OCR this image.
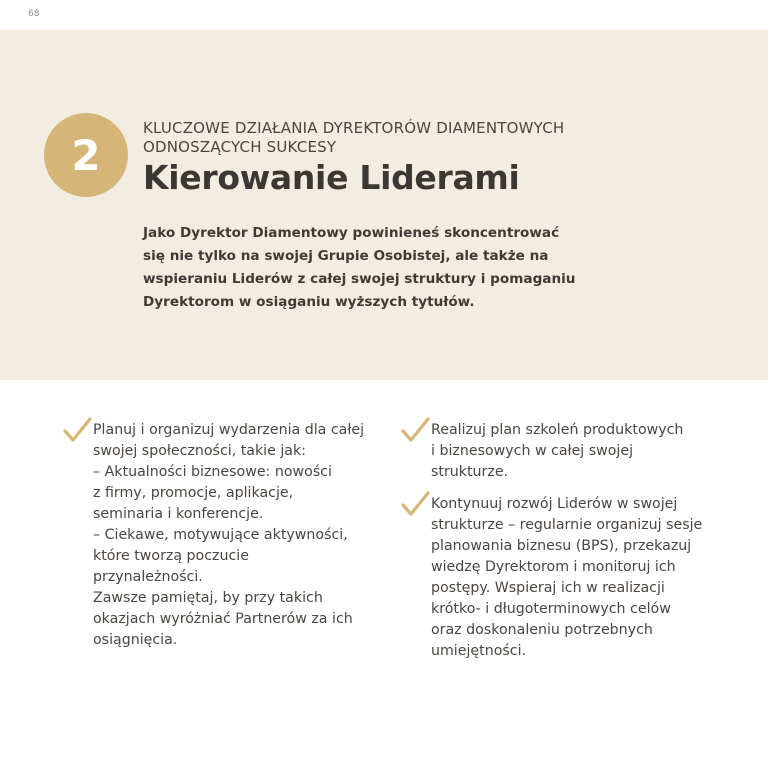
68
2
KLUCZOWE DZIAŁANIA DYREKTORÓW DIAMENTOWYCH
ODNOSZĄCYCH SUKCESY
Kierowanie Liderami
Jako Dyrektor Diamentowy powinieneś skoncentrować
się nie tylko na swojej Grupie Osobistej, ale także na
wspieraniu Liderów z całej swojej struktury i pomaganiu
Dyrektorom w osiąganiu wyższych tytułów.

Planuj i organizuj wydarzenia dla całej

swojej społeczności, takie jak:

– Aktualności biznesowe: nowości
z firmy, promocje, aplikacje,
seminaria i konferencje.
– Ciekawe, motywujące aktywności,
które tworzą poczucie
przynależności.

Zawsze pamiętaj, by przy takich

okazjach wyróżniać Partnerów za ich

osiągnięcia.

Realizuj plan szkoleń produktowych

i biznesowych w całej swojej

strukturze.

Kontynuuj rozwój Liderów w swojej

strukturze – regularnie organizuj sesje

planowania biznesu (BPS), przekazuj

wiedzę Dyrektorom i monitoruj ich

postępy. Wspieraj ich w realizacji

krótko- i długoterminowych celów

oraz doskonaleniu potrzebnych

umiejętności.
